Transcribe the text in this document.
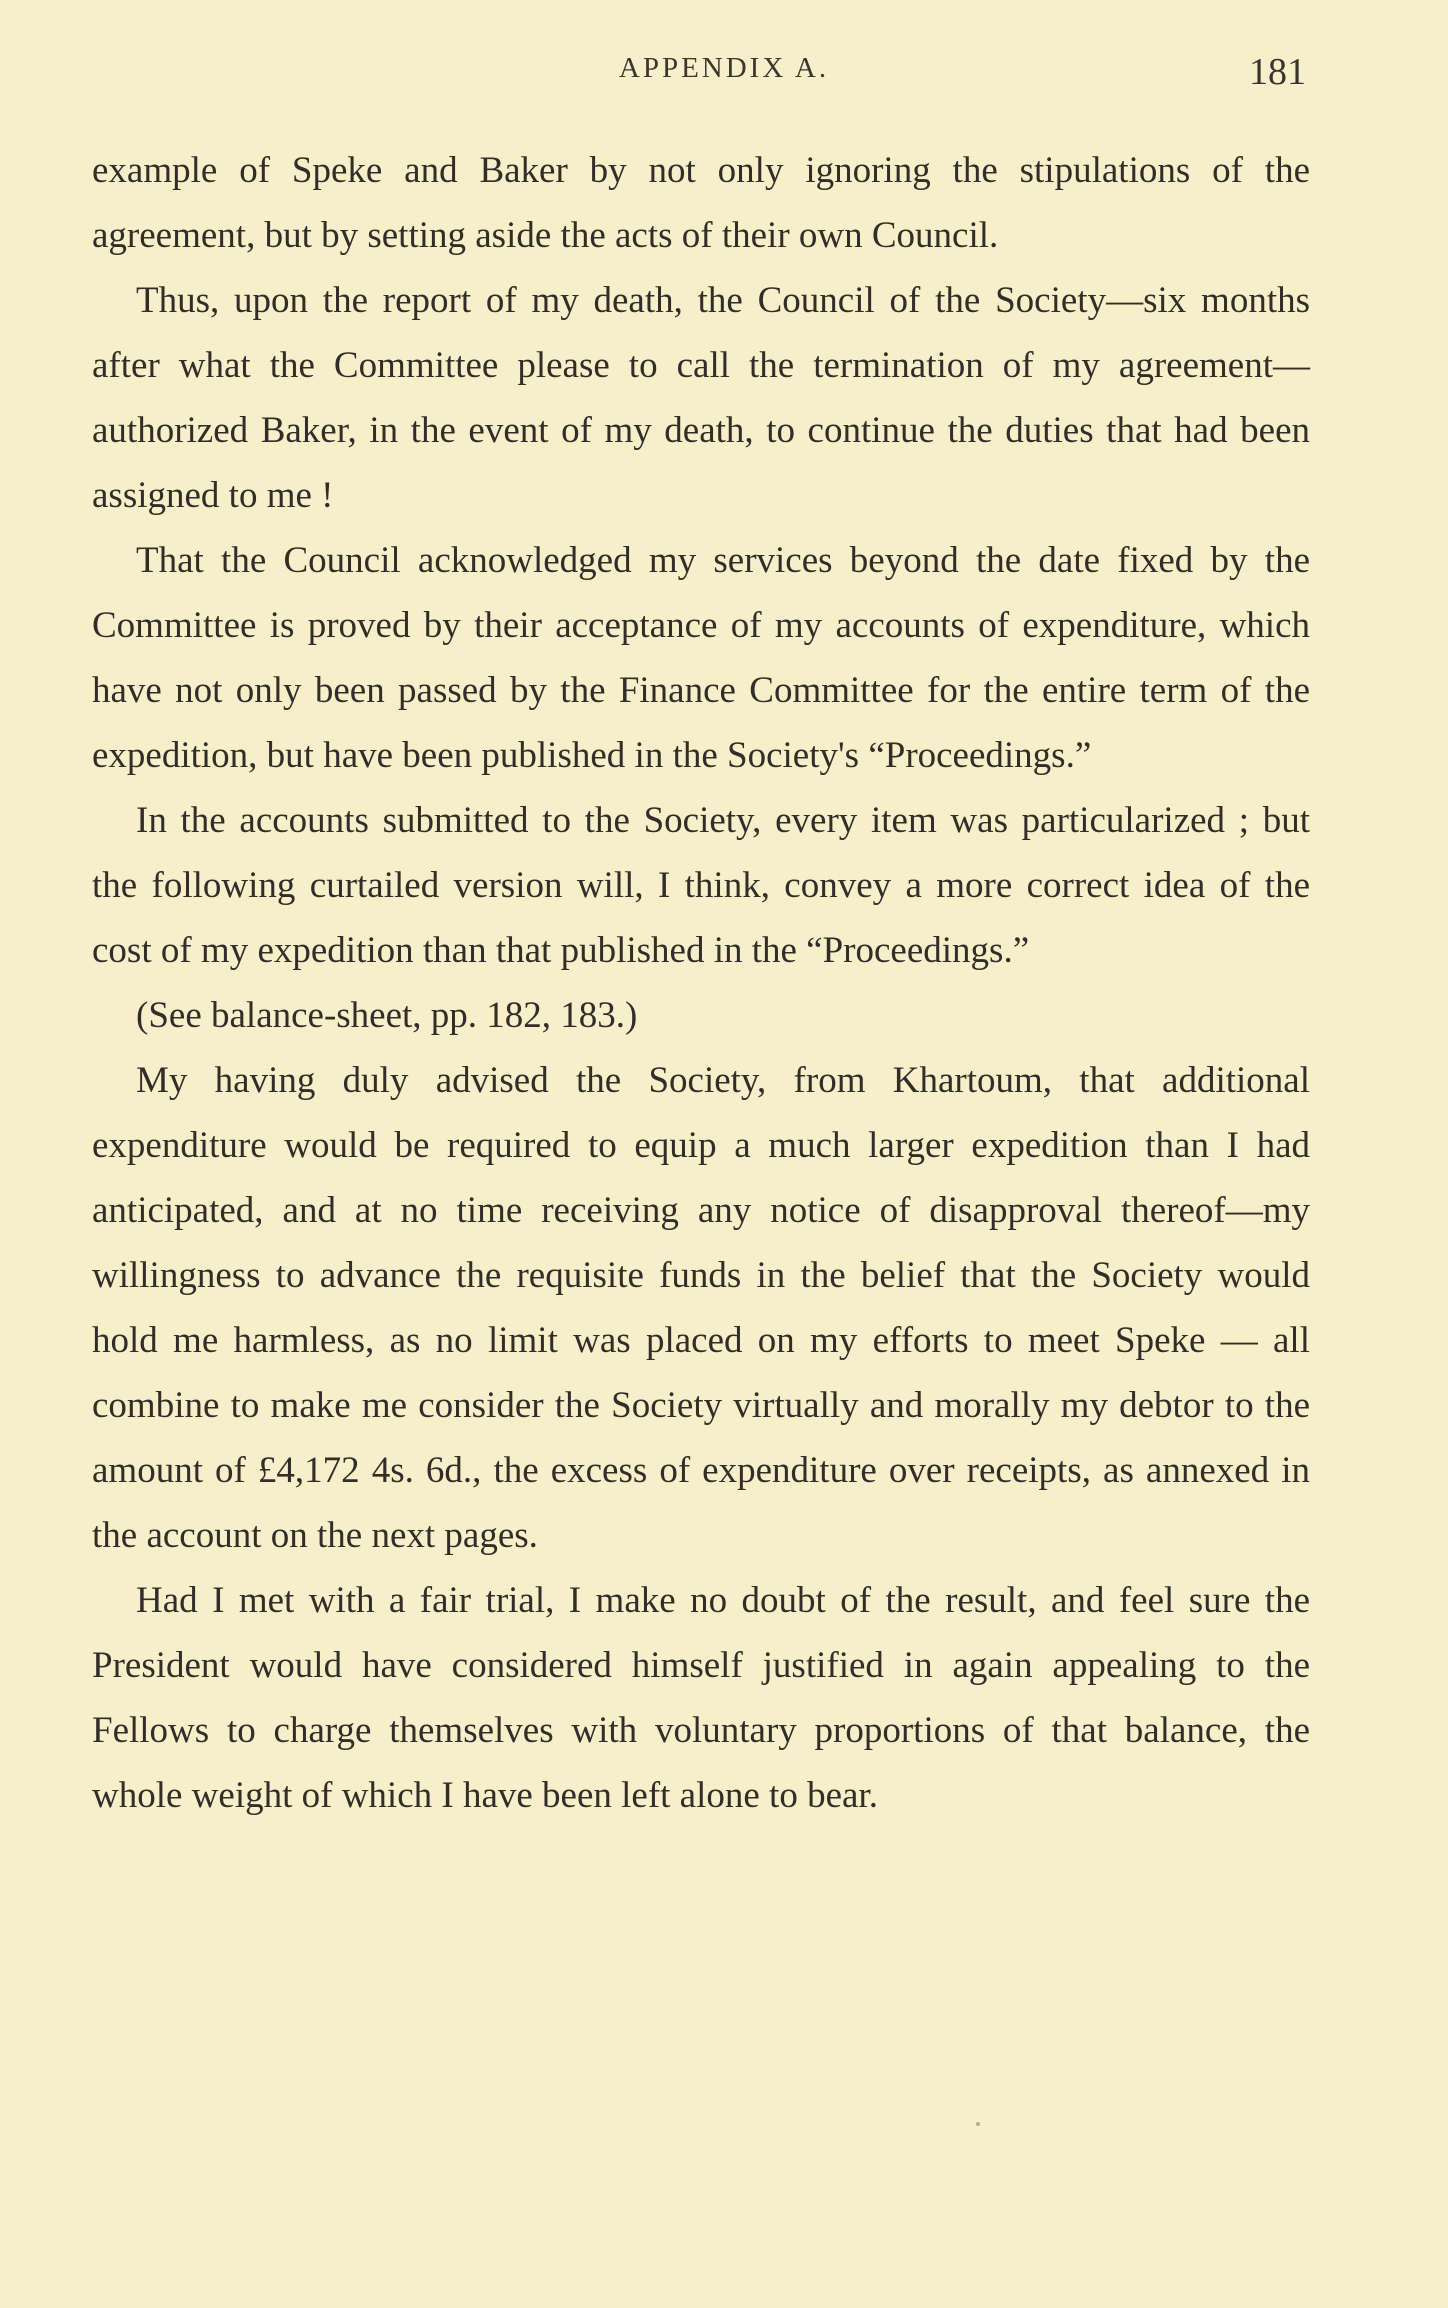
APPENDIX A.	181

example of Speke and Baker by not only ignoring the stipulations of the agreement, but by setting aside the acts of their own Council.

Thus, upon the report of my death, the Council of the Society—six months after what the Committee please to call the termination of my agreement—authorized Baker, in the event of my death, to continue the duties that had been assigned to me !

That the Council acknowledged my services beyond the date fixed by the Committee is proved by their acceptance of my accounts of expenditure, which have not only been passed by the Finance Committee for the entire term of the expedition, but have been published in the Society's “Proceedings.”

In the accounts submitted to the Society, every item was particularized ; but the following curtailed version will, I think, convey a more correct idea of the cost of my expedition than that published in the “Proceedings.”

(See balance-sheet, pp. 182, 183.)

My having duly advised the Society, from Khartoum, that additional expenditure would be required to equip a much larger expedition than I had anticipated, and at no time receiving any notice of disapproval thereof—my willingness to advance the requisite funds in the belief that the Society would hold me harmless, as no limit was placed on my efforts to meet Speke — all combine to make me consider the Society virtually and morally my debtor to the amount of £4,172 4s. 6d., the excess of expenditure over receipts, as annexed in the account on the next pages.

Had I met with a fair trial, I make no doubt of the result, and feel sure the President would have considered himself justified in again appealing to the Fellows to charge themselves with voluntary proportions of that balance, the whole weight of which I have been left alone to bear.
